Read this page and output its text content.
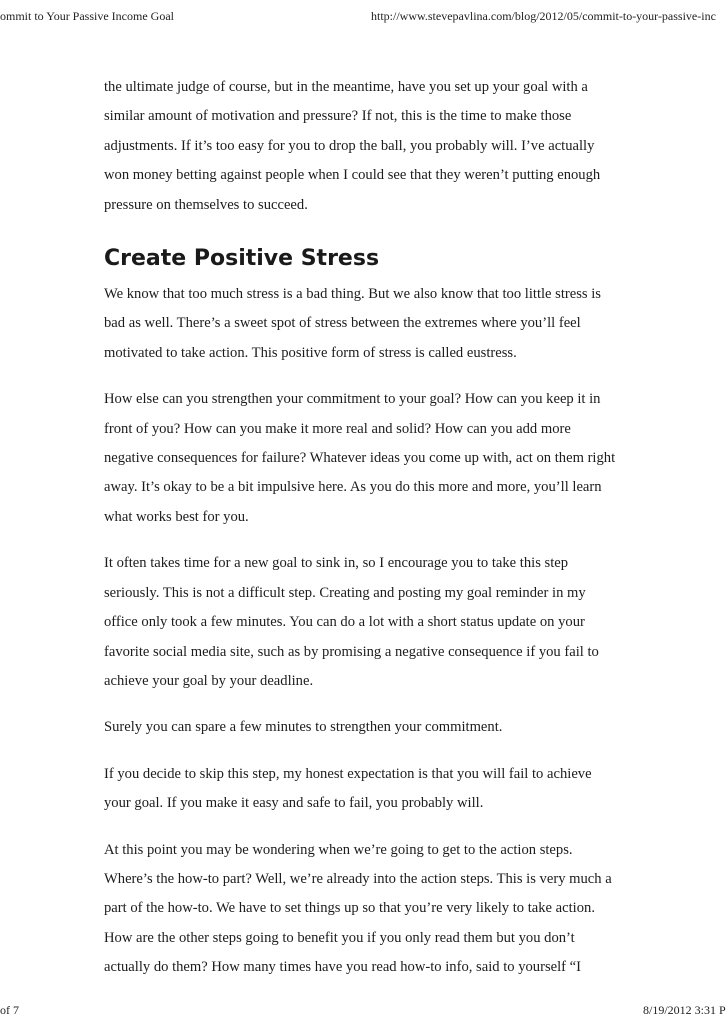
ommit to Your Passive Income Goal	http://www.stevepavlina.com/blog/2012/05/commit-to-your-passive-inc

the ultimate judge of course, but in the meantime, have you set up your goal with a
similar amount of motivation and pressure? If not, this is the time to make those
adjustments. If it’s too easy for you to drop the ball, you probably will. I’ve actually
won money betting against people when I could see that they weren’t putting enough
pressure on themselves to succeed.

Create Positive Stress

We know that too much stress is a bad thing. But we also know that too little stress is
bad as well. There’s a sweet spot of stress between the extremes where you’ll feel
motivated to take action. This positive form of stress is called eustress.

How else can you strengthen your commitment to your goal? How can you keep it in
front of you? How can you make it more real and solid? How can you add more
negative consequences for failure? Whatever ideas you come up with, act on them right
away. It’s okay to be a bit impulsive here. As you do this more and more, you’ll learn
what works best for you.

It often takes time for a new goal to sink in, so I encourage you to take this step
seriously. This is not a difficult step. Creating and posting my goal reminder in my
office only took a few minutes. You can do a lot with a short status update on your
favorite social media site, such as by promising a negative consequence if you fail to
achieve your goal by your deadline.

Surely you can spare a few minutes to strengthen your commitment.

If you decide to skip this step, my honest expectation is that you will fail to achieve
your goal. If you make it easy and safe to fail, you probably will.

At this point you may be wondering when we’re going to get to the action steps.
Where’s the how-to part? Well, we’re already into the action steps. This is very much a
part of the how-to. We have to set things up so that you’re very likely to take action.
How are the other steps going to benefit you if you only read them but you don’t
actually do them? How many times have you read how-to info, said to yourself “I

of 7	8/19/2012 3:31 P
